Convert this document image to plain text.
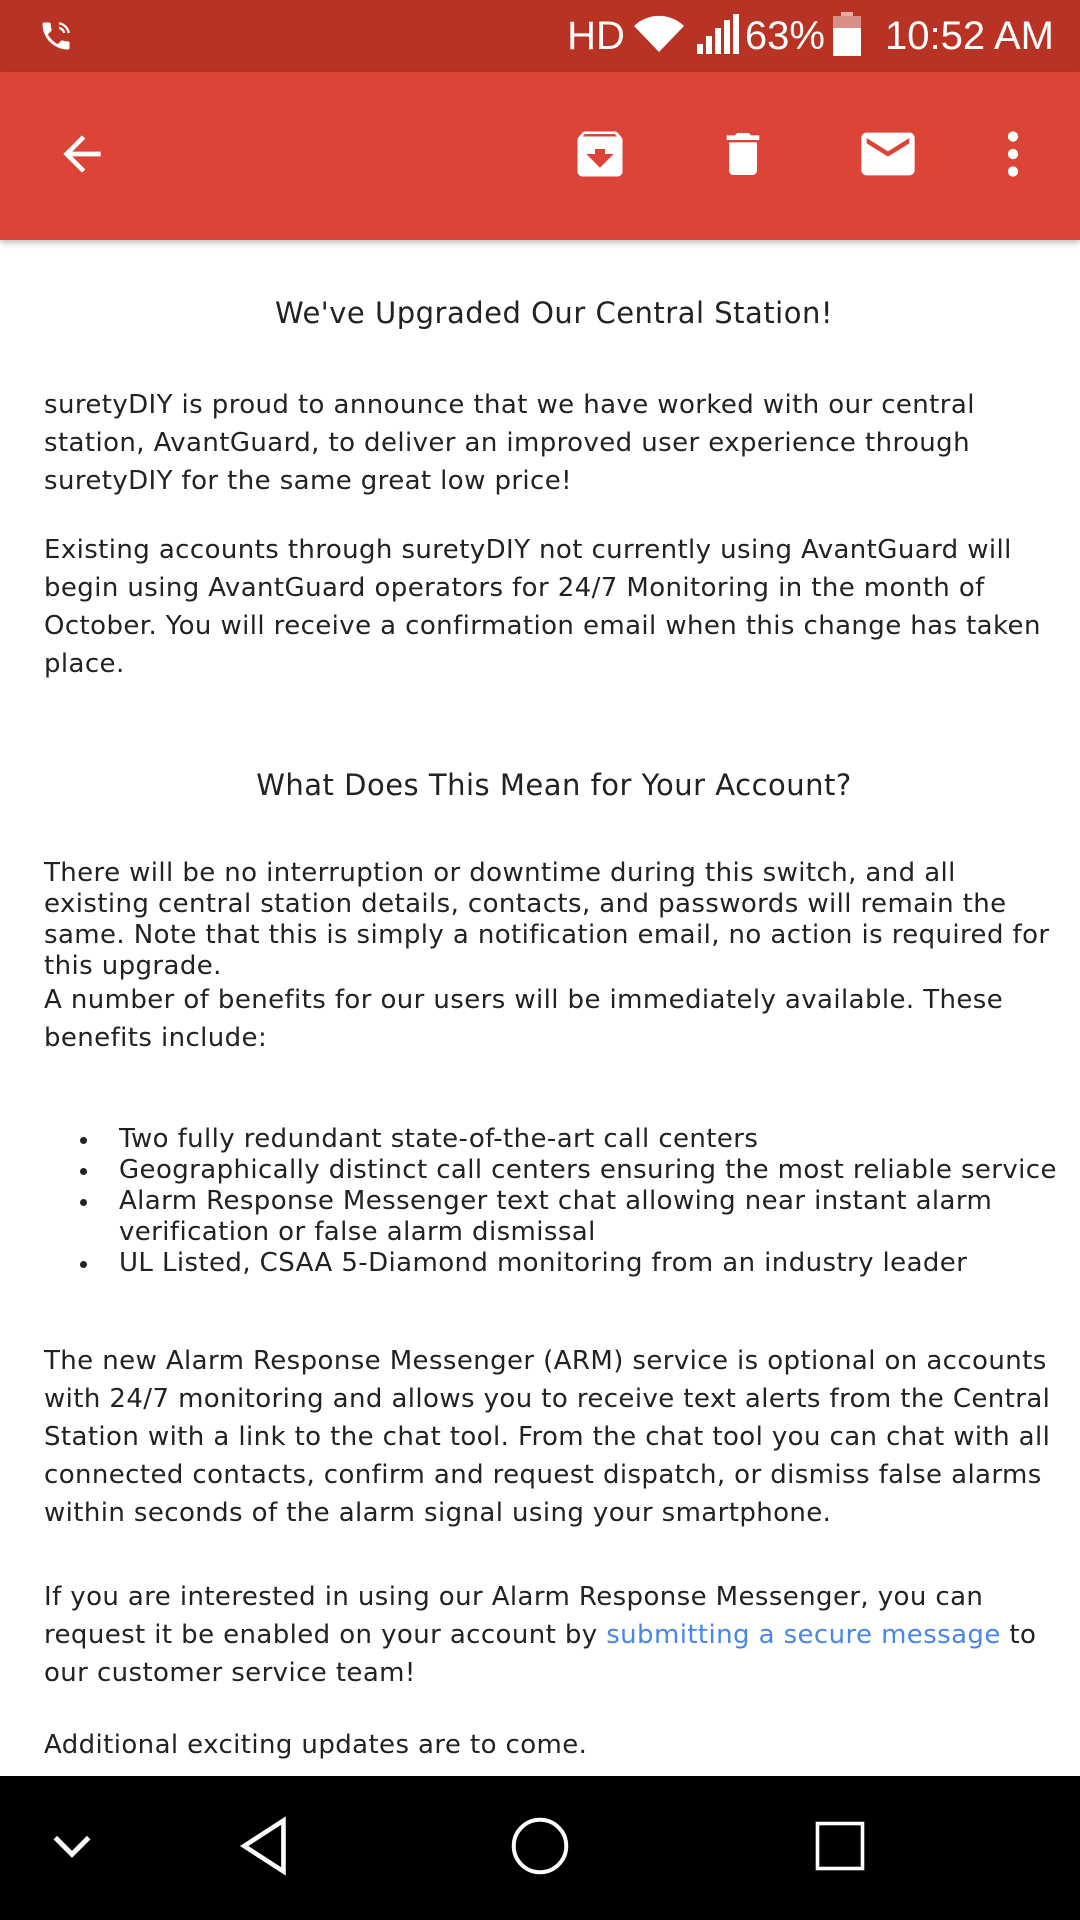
HD	63% 10:52 AM
We've Upgraded Our Central Station!
suretyDIY is proud to announce that we have worked with our central station, AvantGuard, to deliver an improved user experience through suretyDIY for the same great low price!
Existing accounts through suretyDIY not currently using AvantGuard will begin using AvantGuard operators for 24/7 Monitoring in the month of October. You will receive a confirmation email when this change has taken place.
What Does This Mean for Your Account?
There will be no interruption or downtime during this switch, and all existing central station details, contacts, and passwords will remain the same. Note that this is simply a notification email, no action is required for this upgrade.
A number of benefits for our users will be immediately available. These benefits include:
Two fully redundant state-of-the-art call centers
Geographically distinct call centers ensuring the most reliable service
Alarm Response Messenger text chat allowing near instant alarm verification or false alarm dismissal
UL Listed, CSAA 5-Diamond monitoring from an industry leader
The new Alarm Response Messenger (ARM) service is optional on accounts with 24/7 monitoring and allows you to receive text alerts from the Central Station with a link to the chat tool. From the chat tool you can chat with all connected contacts, confirm and request dispatch, or dismiss false alarms within seconds of the alarm signal using your smartphone.
If you are interested in using our Alarm Response Messenger, you can request it be enabled on your account by submitting a secure message to our customer service team!
Additional exciting updates are to come.
